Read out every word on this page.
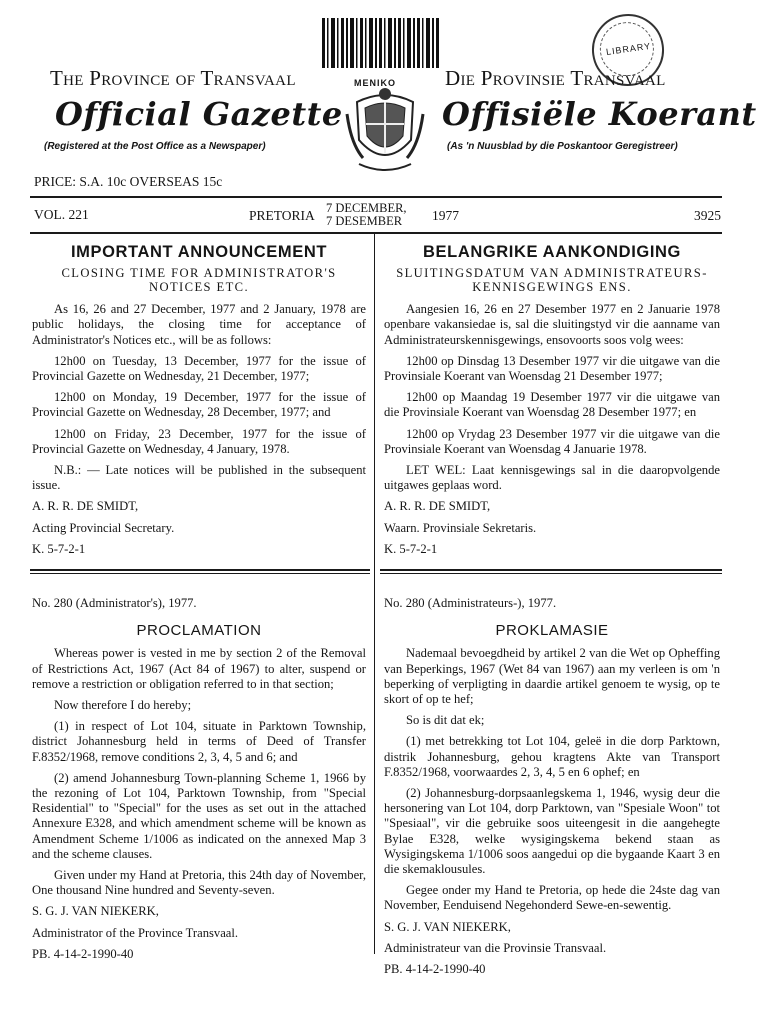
LIBRARY
MENIKO
The Province of Transvaal	Die Provinsie Transvaal
Official Gazette	Offisiële Koerant
(Registered at the Post Office as a Newspaper)	(As 'n Nuusblad by die Poskantoor Geregistreer)
PRICE: S.A. 10c OVERSEAS 15c
VOL. 221	PRETORIA 7 DECEMBER,
7 DESEMBER 1977	3925
IMPORTANT ANNOUNCEMENT
CLOSING TIME FOR ADMINISTRATOR'S NOTICES ETC.

As 16, 26 and 27 December, 1977 and 2 January, 1978 are public holidays, the closing time for acceptance of Administrator's Notices etc., will be as follows:

12h00 on Tuesday, 13 December, 1977 for the issue of Provincial Gazette on Wednesday, 21 December, 1977;

12h00 on Monday, 19 December, 1977 for the issue of Provincial Gazette on Wednesday, 28 December, 1977; and

12h00 on Friday, 23 December, 1977 for the issue of Provincial Gazette on Wednesday, 4 January, 1978.

N.B.: — Late notices will be published in the subsequent issue.

A. R. R. DE SMIDT,

Acting Provincial Secretary.

K. 5-7-2-1

BELANGRIKE AANKONDIGING
SLUITINGSDATUM VAN ADMINISTRATEURS-KENNISGEWINGS ENS.

Aangesien 16, 26 en 27 Desember 1977 en 2 Januarie 1978 openbare vakansiedae is, sal die sluitingstyd vir die aanname van Administrateurskennisgewings, ensovoorts soos volg wees:

12h00 op Dinsdag 13 Desember 1977 vir die uitgawe van die Provinsiale Koerant van Woensdag 21 Desember 1977;

12h00 op Maandag 19 Desember 1977 vir die uitgawe van die Provinsiale Koerant van Woensdag 28 Desember 1977; en

12h00 op Vrydag 23 Desember 1977 vir die uitgawe van die Provinsiale Koerant van Woensdag 4 Januarie 1978.

LET WEL: Laat kennisgewings sal in die daaropvolgende uitgawes geplaas word.

A. R. R. DE SMIDT,

Waarn. Provinsiale Sekretaris.

K. 5-7-2-1

No. 280 (Administrator's), 1977.
PROCLAMATION

Whereas power is vested in me by section 2 of the Removal of Restrictions Act, 1967 (Act 84 of 1967) to alter, suspend or remove a restriction or obligation referred to in that section;

Now therefore I do hereby;

(1) in respect of Lot 104, situate in Parktown Township, district Johannesburg held in terms of Deed of Transfer F.8352/1968, remove conditions 2, 3, 4, 5 and 6; and

(2) amend Johannesburg Town-planning Scheme 1, 1966 by the rezoning of Lot 104, Parktown Township, from "Special Residential" to "Special" for the uses as set out in the attached Annexure E328, and which amendment scheme will be known as Amendment Scheme 1/1006 as indicated on the annexed Map 3 and the scheme clauses.

Given under my Hand at Pretoria, this 24th day of November, One thousand Nine hundred and Seventy-seven.

S. G. J. VAN NIEKERK,

Administrator of the Province Transvaal.

PB. 4-14-2-1990-40

No. 280 (Administrateurs-), 1977.
PROKLAMASIE

Nademaal bevoegdheid by artikel 2 van die Wet op Opheffing van Beperkings, 1967 (Wet 84 van 1967) aan my verleen is om 'n beperking of verpligting in daardie artikel genoem te wysig, op te skort of op te hef;

So is dit dat ek;

(1) met betrekking tot Lot 104, geleë in die dorp Parktown, distrik Johannesburg, gehou kragtens Akte van Transport F.8352/1968, voorwaardes 2, 3, 4, 5 en 6 ophef; en

(2) Johannesburg-dorpsaanlegskema 1, 1946, wysig deur die hersonering van Lot 104, dorp Parktown, van "Spesiale Woon" tot "Spesiaal", vir die gebruike soos uiteengesit in die aangehegte Bylae E328, welke wysigingskema bekend staan as Wysigingskema 1/1006 soos aangedui op die bygaande Kaart 3 en die skemaklousules.

Gegee onder my Hand te Pretoria, op hede die 24ste dag van November, Eenduisend Negehonderd Sewe-en-sewentig.

S. G. J. VAN NIEKERK,

Administrateur van die Provinsie Transvaal.

PB. 4-14-2-1990-40
